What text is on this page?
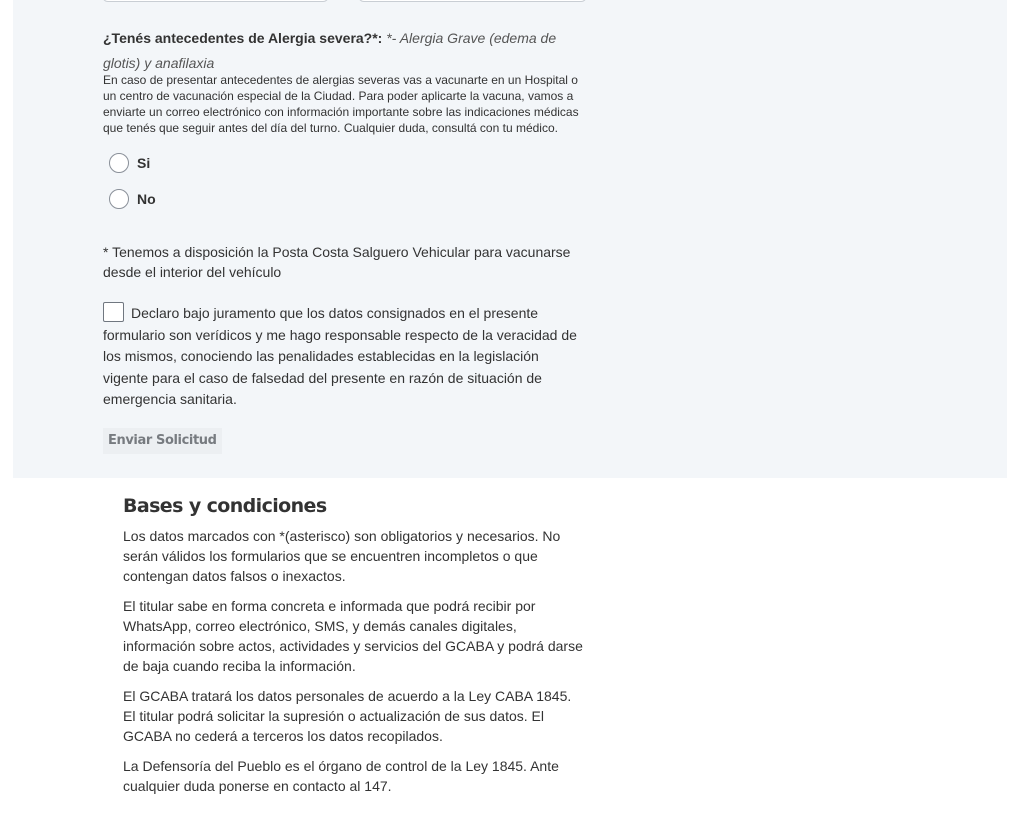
¿Tenés antecedentes de Alergia severa?*: *- Alergia Grave (edema de glotis) y anafilaxia
En caso de presentar antecedentes de alergias severas vas a vacunarte en un Hospital o un centro de vacunación especial de la Ciudad. Para poder aplicarte la vacuna, vamos a enviarte un correo electrónico con información importante sobre las indicaciones médicas que tenés que seguir antes del día del turno. Cualquier duda, consultá con tu médico.
Si
No
* Tenemos a disposición la Posta Costa Salguero Vehicular para vacunarse desde el interior del vehículo
Declaro bajo juramento que los datos consignados en el presente formulario son verídicos y me hago responsable respecto de la veracidad de los mismos, conociendo las penalidades establecidas en la legislación vigente para el caso de falsedad del presente en razón de situación de emergencia sanitaria.
Enviar Solicitud
Bases y condiciones

Los datos marcados con *(asterisco) son obligatorios y necesarios. No serán válidos los formularios que se encuentren incompletos o que contengan datos falsos o inexactos.

El titular sabe en forma concreta e informada que podrá recibir por WhatsApp, correo electrónico, SMS, y demás canales digitales, información sobre actos, actividades y servicios del GCABA y podrá darse de baja cuando reciba la información.

El GCABA tratará los datos personales de acuerdo a la Ley CABA 1845. El titular podrá solicitar la supresión o actualización de sus datos. El GCABA no cederá a terceros los datos recopilados.

La Defensoría del Pueblo es el órgano de control de la Ley 1845. Ante cualquier duda ponerse en contacto al 147.
